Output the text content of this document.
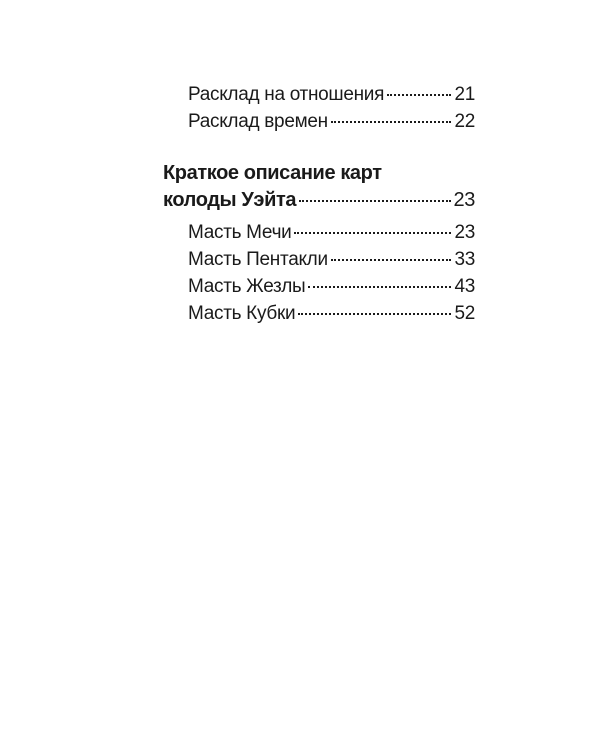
Расклад на отношения	21
Расклад времен	22
Краткое описание карт
колоды Уэйта	23
Масть Мечи	23
Масть Пентакли	33
Масть Жезлы	43
Масть Кубки	52
